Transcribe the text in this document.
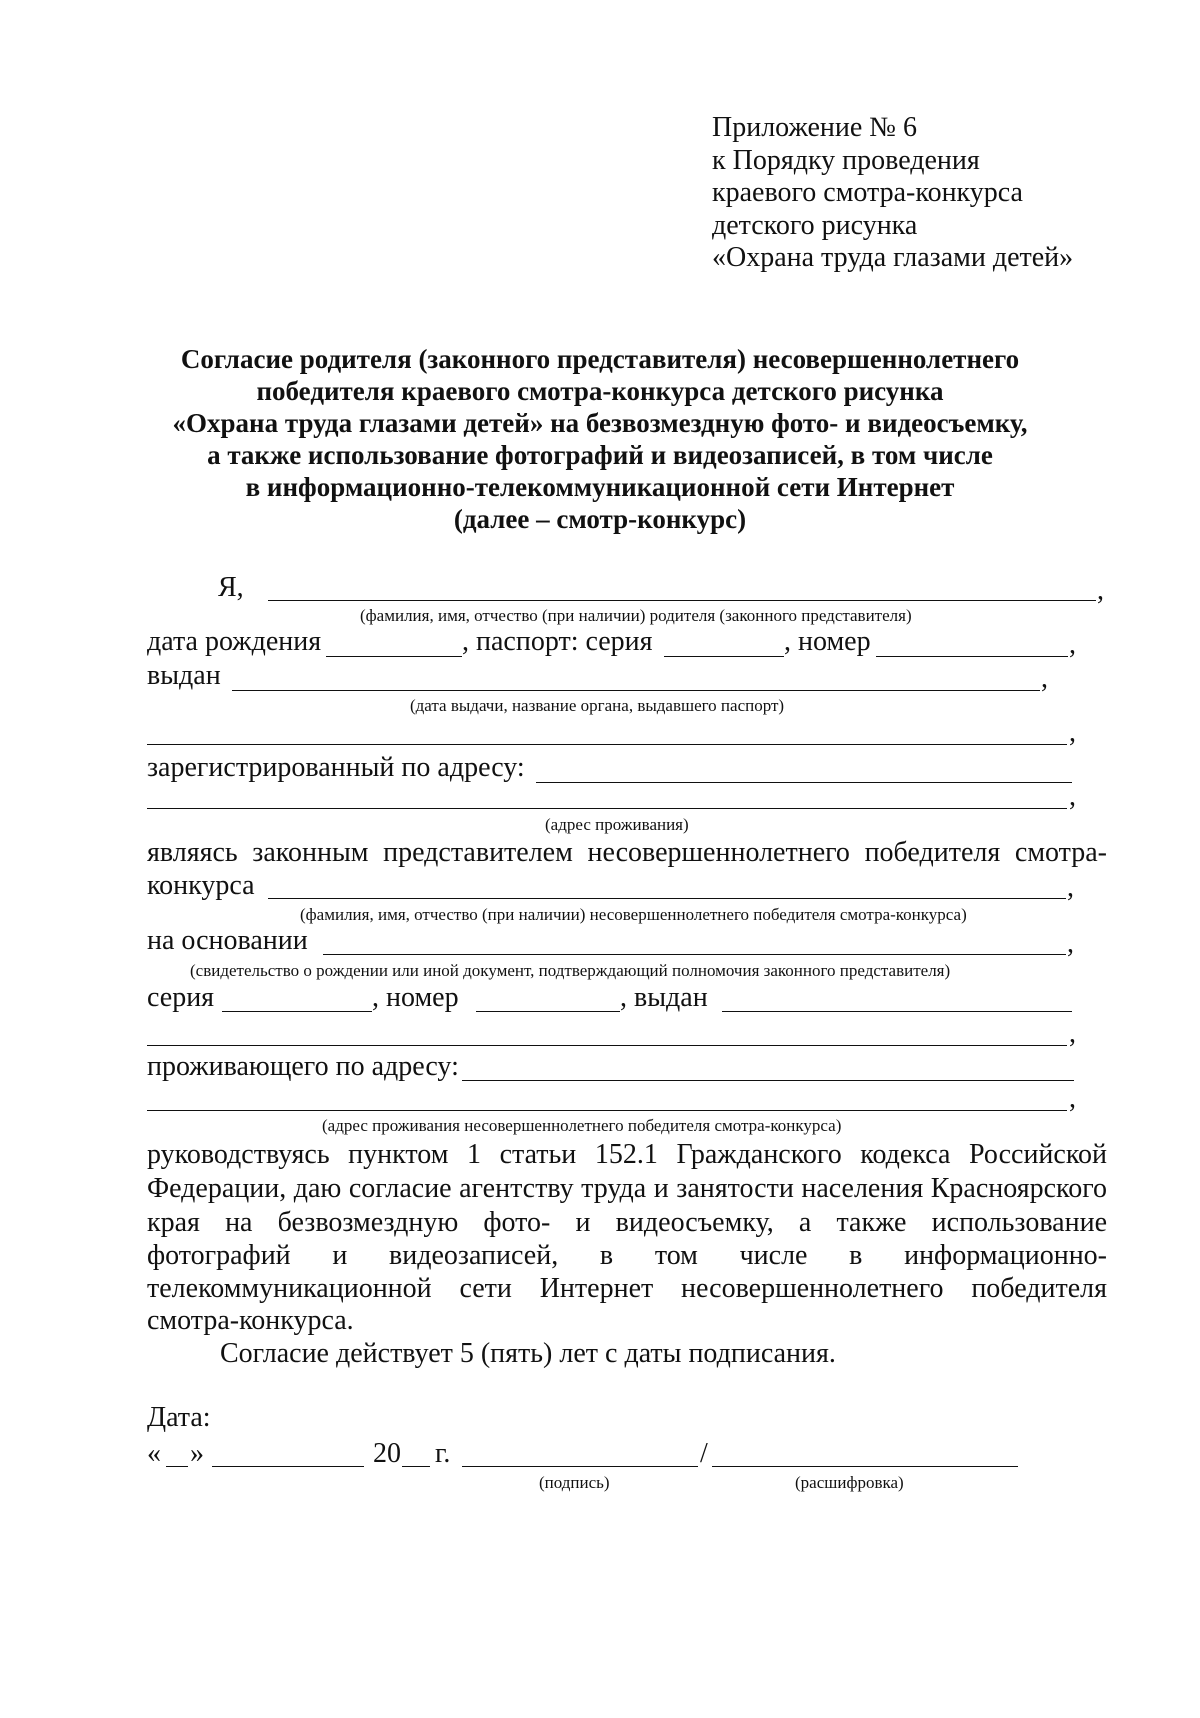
Приложение № 6
к Порядку проведения
краевого смотра-конкурса
детского рисунка
«Охрана труда глазами детей»
Согласие родителя (законного представителя) несовершеннолетнего
победителя краевого смотра-конкурса детского рисунка
«Охрана труда глазами детей» на безвозмездную фото- и видеосъемку,
а также использование фотографий и видеозаписей, в том числе
в информационно-телекоммуникационной сети Интернет
(далее – смотр-конкурс)
Я,	,
(фамилия, имя, отчество (при наличии) родителя (законного представителя)
дата рождения	, паспорт: серия	, номер	,
выдан	,
(дата выдачи, название органа, выдавшего паспорт)
,
зарегистрированный по адресу:
,
(адрес проживания)
являясь законным представителем несовершеннолетнего победителя смотра-
конкурса	,
(фамилия, имя, отчество (при наличии) несовершеннолетнего победителя смотра-конкурса)
на основании	,
(свидетельство о рождении или иной документ, подтверждающий полномочия законного представителя)
серия	, номер	, выдан
,
проживающего по адресу:
,
(адрес проживания несовершеннолетнего победителя смотра-конкурса)
руководствуясь пунктом 1 статьи 152.1 Гражданского кодекса Российской
Федерации, даю согласие агентству труда и занятости населения Красноярского
края на безвозмездную фото- и видеосъемку, а также использование
фотографий и видеозаписей, в том числе в информационно-
телекоммуникационной сети Интернет несовершеннолетнего победителя
смотра-конкурса.
Согласие действует 5 (пять) лет с даты подписания.
Дата:
« »	20 г.	/
(подпись)	(расшифровка)
